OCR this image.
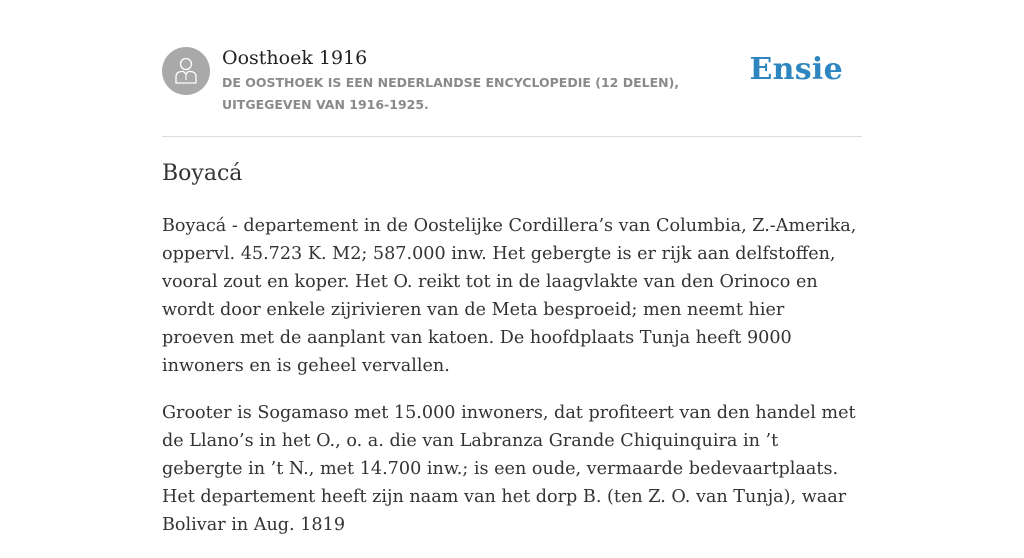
Oosthoek 1916
DE OOSTHOEK IS EEN NEDERLANDSE ENCYCLOPEDIE (12 DELEN), UITGEGEVEN VAN 1916-1925.
Ensie
Boyacá

Boyacá - departement in de Oostelijke Cordillera’s van Columbia, Z.-Amerika, oppervl. 45.723 K. M2; 587.000 inw. Het gebergte is er rijk aan delfstoffen, vooral zout en koper. Het O. reikt tot in de laagvlakte van den Orinoco en wordt door enkele zijrivieren van de Meta besproeid; men neemt hier proeven met de aanplant van katoen. De hoofdplaats Tunja heeft 9000 inwoners en is geheel vervallen.

Grooter is Sogamaso met 15.000 inwoners, dat profiteert van den handel met de Llano’s in het O., o. a. die van Labranza Grande Chiquinquira in ’t gebergte in ’t N., met 14.700 inw.; is een oude, vermaarde bedevaartplaats. Het departement heeft zijn naam van het dorp B. (ten Z. O. van Tunja), waar Bolivar in Aug. 1819
